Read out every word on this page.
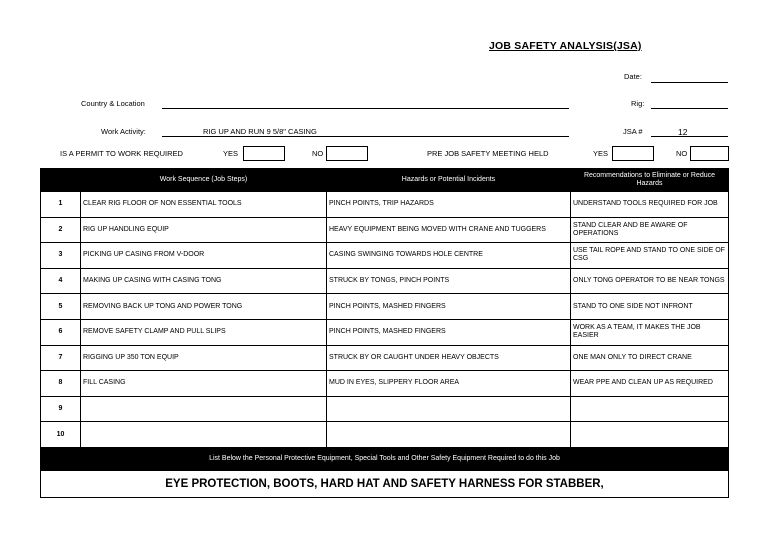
JOB SAFETY ANALYSIS(JSA)
Date:
Country & Location	Rig:
Work Activity:	RIG UP AND RUN 9 5/8" CASING	JSA #	12
IS A PERMIT TO WORK REQUIRED	YES	NO	PRE JOB SAFETY MEETING HELD	YES	NO
	Work Sequence (Job Steps)	Hazards or Potential Incidents	Recommendations to Eliminate or Reduce Hazards
1	CLEAR RIG FLOOR OF NON ESSENTIAL TOOLS	PINCH POINTS, TRIP HAZARDS	UNDERSTAND TOOLS REQUIRED FOR JOB
2	RIG UP HANDLING EQUIP	HEAVY EQUIPMENT BEING MOVED WITH CRANE AND TUGGERS	STAND CLEAR AND BE AWARE OF OPERATIONS
3	PICKING UP CASING FROM V-DOOR	CASING SWINGING TOWARDS HOLE CENTRE	USE TAIL ROPE AND STAND TO ONE SIDE OF CSG
4	MAKING UP CASING WITH CASING TONG	STRUCK BY TONGS, PINCH POINTS	ONLY TONG OPERATOR TO BE NEAR TONGS
5	REMOVING BACK UP TONG AND POWER TONG	PINCH POINTS, MASHED FINGERS	STAND TO ONE SIDE NOT INFRONT
6	REMOVE SAFETY CLAMP AND PULL SLIPS	PINCH POINTS, MASHED FINGERS	WORK AS A TEAM, IT MAKES THE JOB EASIER
7	RIGGING UP 350 TON EQUIP	STRUCK BY OR CAUGHT UNDER HEAVY OBJECTS	ONE MAN ONLY TO DIRECT CRANE
8	FILL CASING	MUD IN EYES, SLIPPERY FLOOR AREA	WEAR PPE AND CLEAN UP AS REQUIRED
9			
10			
List Below the Personal Protective Equipment, Special Tools and Other Safety Equipment Required to do this Job			
EYE PROTECTION, BOOTS, HARD HAT AND SAFETY HARNESS FOR STABBER,			
